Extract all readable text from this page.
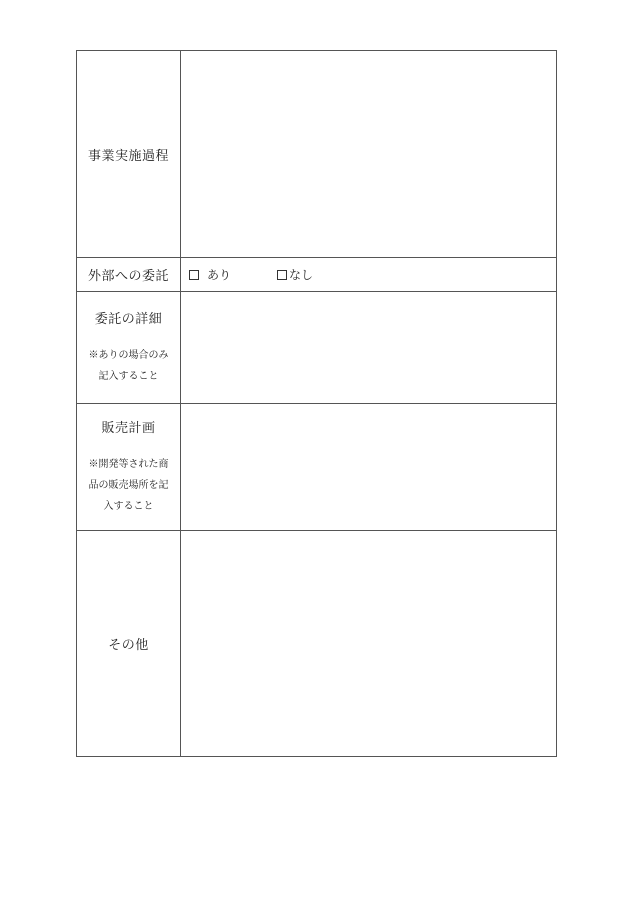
事業実施過程	

外部への委託	あり なし

委託の詳細
※ありの場合のみ
記入すること	

販売計画
※開発等された商
品の販売場所を記
入すること	

その他	
